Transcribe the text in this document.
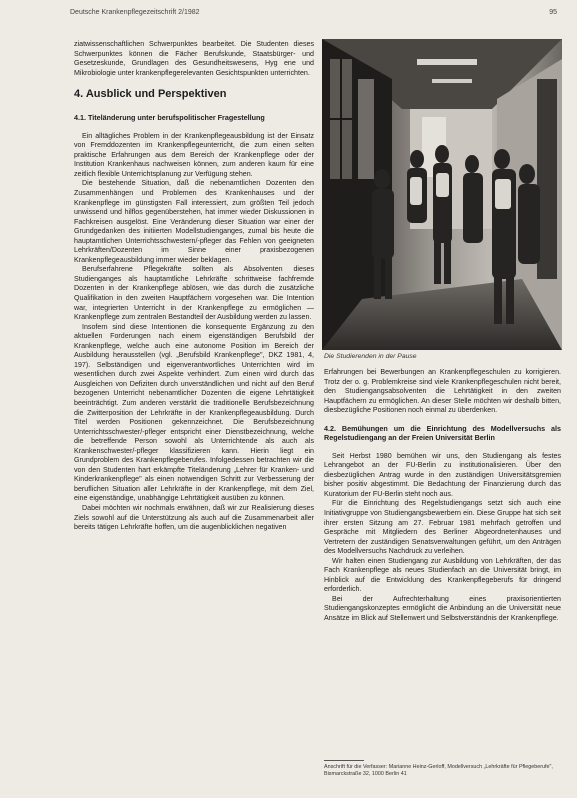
Deutsche Krankenpflegezeitschrift 2/1982	95

ziatwissenschaftlichen Schwerpunktes bearbeitet. Die Studenten dieses Schwerpunktes können die Fächer Berufskunde, Staatsbürger- und Gesetzeskunde, Grundlagen des Gesundheitswesens, Hyg ene und Mikrobiologie unter krankenpflegerelevanten Gesichtspunkten unterrichten.

4. Ausblick und Perspektiven
4.1. Titeländerung unter berufspolitischer Fragestellung

Ein alltägliches Problem in der Krankenpflegeausbildung ist der Einsatz von Fremddozenten im Krankenpflegeunterricht, die zum einen selten praktische Erfahrungen aus dem Bereich der Krankenpflege oder der Institution Krankenhaus nachweisen können, zum anderen kaum für eine zeitlich flexible Unterrichtsplanung zur Verfügung stehen.

Die bestehende Situation, daß die nebenamtlichen Dozenten den Zusammenhängen und Problemen des Krankenhauses und der Krankenpflege im günstigsten Fall interessiert, zum größten Teil jedoch unwissend und hilflos gegenüberstehen, hat immer wieder Diskussionen in Fachkreisen ausgelöst. Eine Veränderung dieser Situation war einer der Grundgedanken des initiierten Modellstudienganges, zumal bis heute die hauptamtlichen Unterrichtsschwestern/-pfleger das Fehlen von geeigneten Lehrkräften/Dozenten im Sinne einer praxisbezogenen Krankenpflegeausbildung immer wieder beklagen.

Berufserfahrene Pflegekräfte sollten als Absolventen dieses Studienganges als hauptamtliche Lehrkräfte schrittweise fachfremde Dozenten in der Krankenpflege ablösen, wie das durch die zusätzliche Qualifikation in den zweiten Hauptfächern vorgesehen war. Die Intention war, integrierten Unterricht in der Krankenpflege zu ermöglichen — Krankenpflege zum zentralen Bestandteil der Ausbildung werden zu lassen.

Insofern sind diese Intentionen die konsequente Ergänzung zu den aktuellen Forderungen nach einem eigenständigen Berufsbild der Krankenpflege, welche auch eine autonome Position im Bereich der Ausbildung herausstellen (vgl. „Berufsbild Krankenpflege", DKZ 1981, 4, 197). Selbständigen und eigenverantwortliches Unterrichten wird im wesentlichen durch zwei Aspekte verhindert. Zum einen wird durch das Ausgleichen von Defiziten durch unverständlichen und nicht auf den Beruf bezogenen Unterricht nebenamtlicher Dozenten die eigene Lehrtätigkeit beeinträchtigt. Zum anderen verstärkt die traditionelle Berufsbezeichnung die Zwitterposition der Lehrkräfte in der Krankenpflegeausbildung. Durch Titel werden Positionen gekennzeichnet. Die Berufsbezeichnung Unterrichtsschwester/-pfleger entspricht einer Dienstbezeichnung, welche die betreffende Person sowohl als Unterrichtende als auch als Krankenschwester/-pfleger klassifizieren kann. Hierin liegt ein Grundproblem des Krankenpflegeberufes. Infolgedessen betrachten wir die von den Studenten hart erkämpfte Titeländerung „Lehrer für Kranken- und Kinderkrankenpflege" als einen notwendigen Schritt zur Verbesserung der beruflichen Situation aller Lehrkräfte in der Krankenpflege, mit dem Ziel, eine eigenständige, unabhängige Lehrtätigkeit ausüben zu können.

Dabei möchten wir nochmals erwähnen, daß wir zur Realisierung dieses Ziels sowohl auf die Unterstützung als auch auf die Zusammenarbeit aller bereits tätigen Lehrkräfte hoffen, um die augenblicklichen negativen

Die Studierenden in der Pause

Erfahrungen bei Bewerbungen an Krankenpflegeschulen zu korrigieren. Trotz der o. g. Problemkreise sind viele Krankenpflegeschulen nicht bereit, den Studiengangsabsolventen die Lehrtätigkeit in den zweiten Hauptfächern zu ermöglichen. An dieser Stelle möchten wir deshalb bitten, diesbezügliche Positionen noch einmal zu überdenken.

4.2. Bemühungen um die Einrichtung des Modellversuchs als Regelstudiengang an der Freien Universität Berlin

Seit Herbst 1980 bemühen wir uns, den Studiengang als festes Lehrangebot an der FU-Berlin zu institutionalisieren. Über den diesbezüglichen Antrag wurde in den zuständigen Universitätsgremien bisher positiv abgestimmt. Die Bedachtung der Finanzierung durch das Kuratorium der FU-Berlin steht noch aus.

Für die Einrichtung des Regelstudiengangs setzt sich auch eine Initiativgruppe von Studiengangsbewerbern ein. Diese Gruppe hat sich seit ihrer ersten Sitzung am 27. Februar 1981 mehrfach getroffen und Gespräche mit Mitgliedern des Berliner Abgeordnetenhauses und Vertretern der zuständigen Senatsverwaltungen geführt, um den Anträgen des Modellversuchs Nachdruck zu verleihen.

Wir halten einen Studiengang zur Ausbildung von Lehrkräften, der das Fach Krankenpflege als neues Studienfach an die Universität bringt, im Hinblick auf die Entwicklung des Krankenpflegeberufs für dringend erforderlich.

Bei der Aufrechterhaltung eines praxisorientierten Studiengangskonzeptes ermöglicht die Anbindung an die Universität neue Ansätze im Blick auf Stellenwert und Selbstverständnis der Krankenpflege.

Anschrift für die Verfasser: Marianne Heinz-Gerloff, Modellversuch „Lehrkräfte für Pflegeberufe", Bismarckstraße 32, 1000 Berlin 41
